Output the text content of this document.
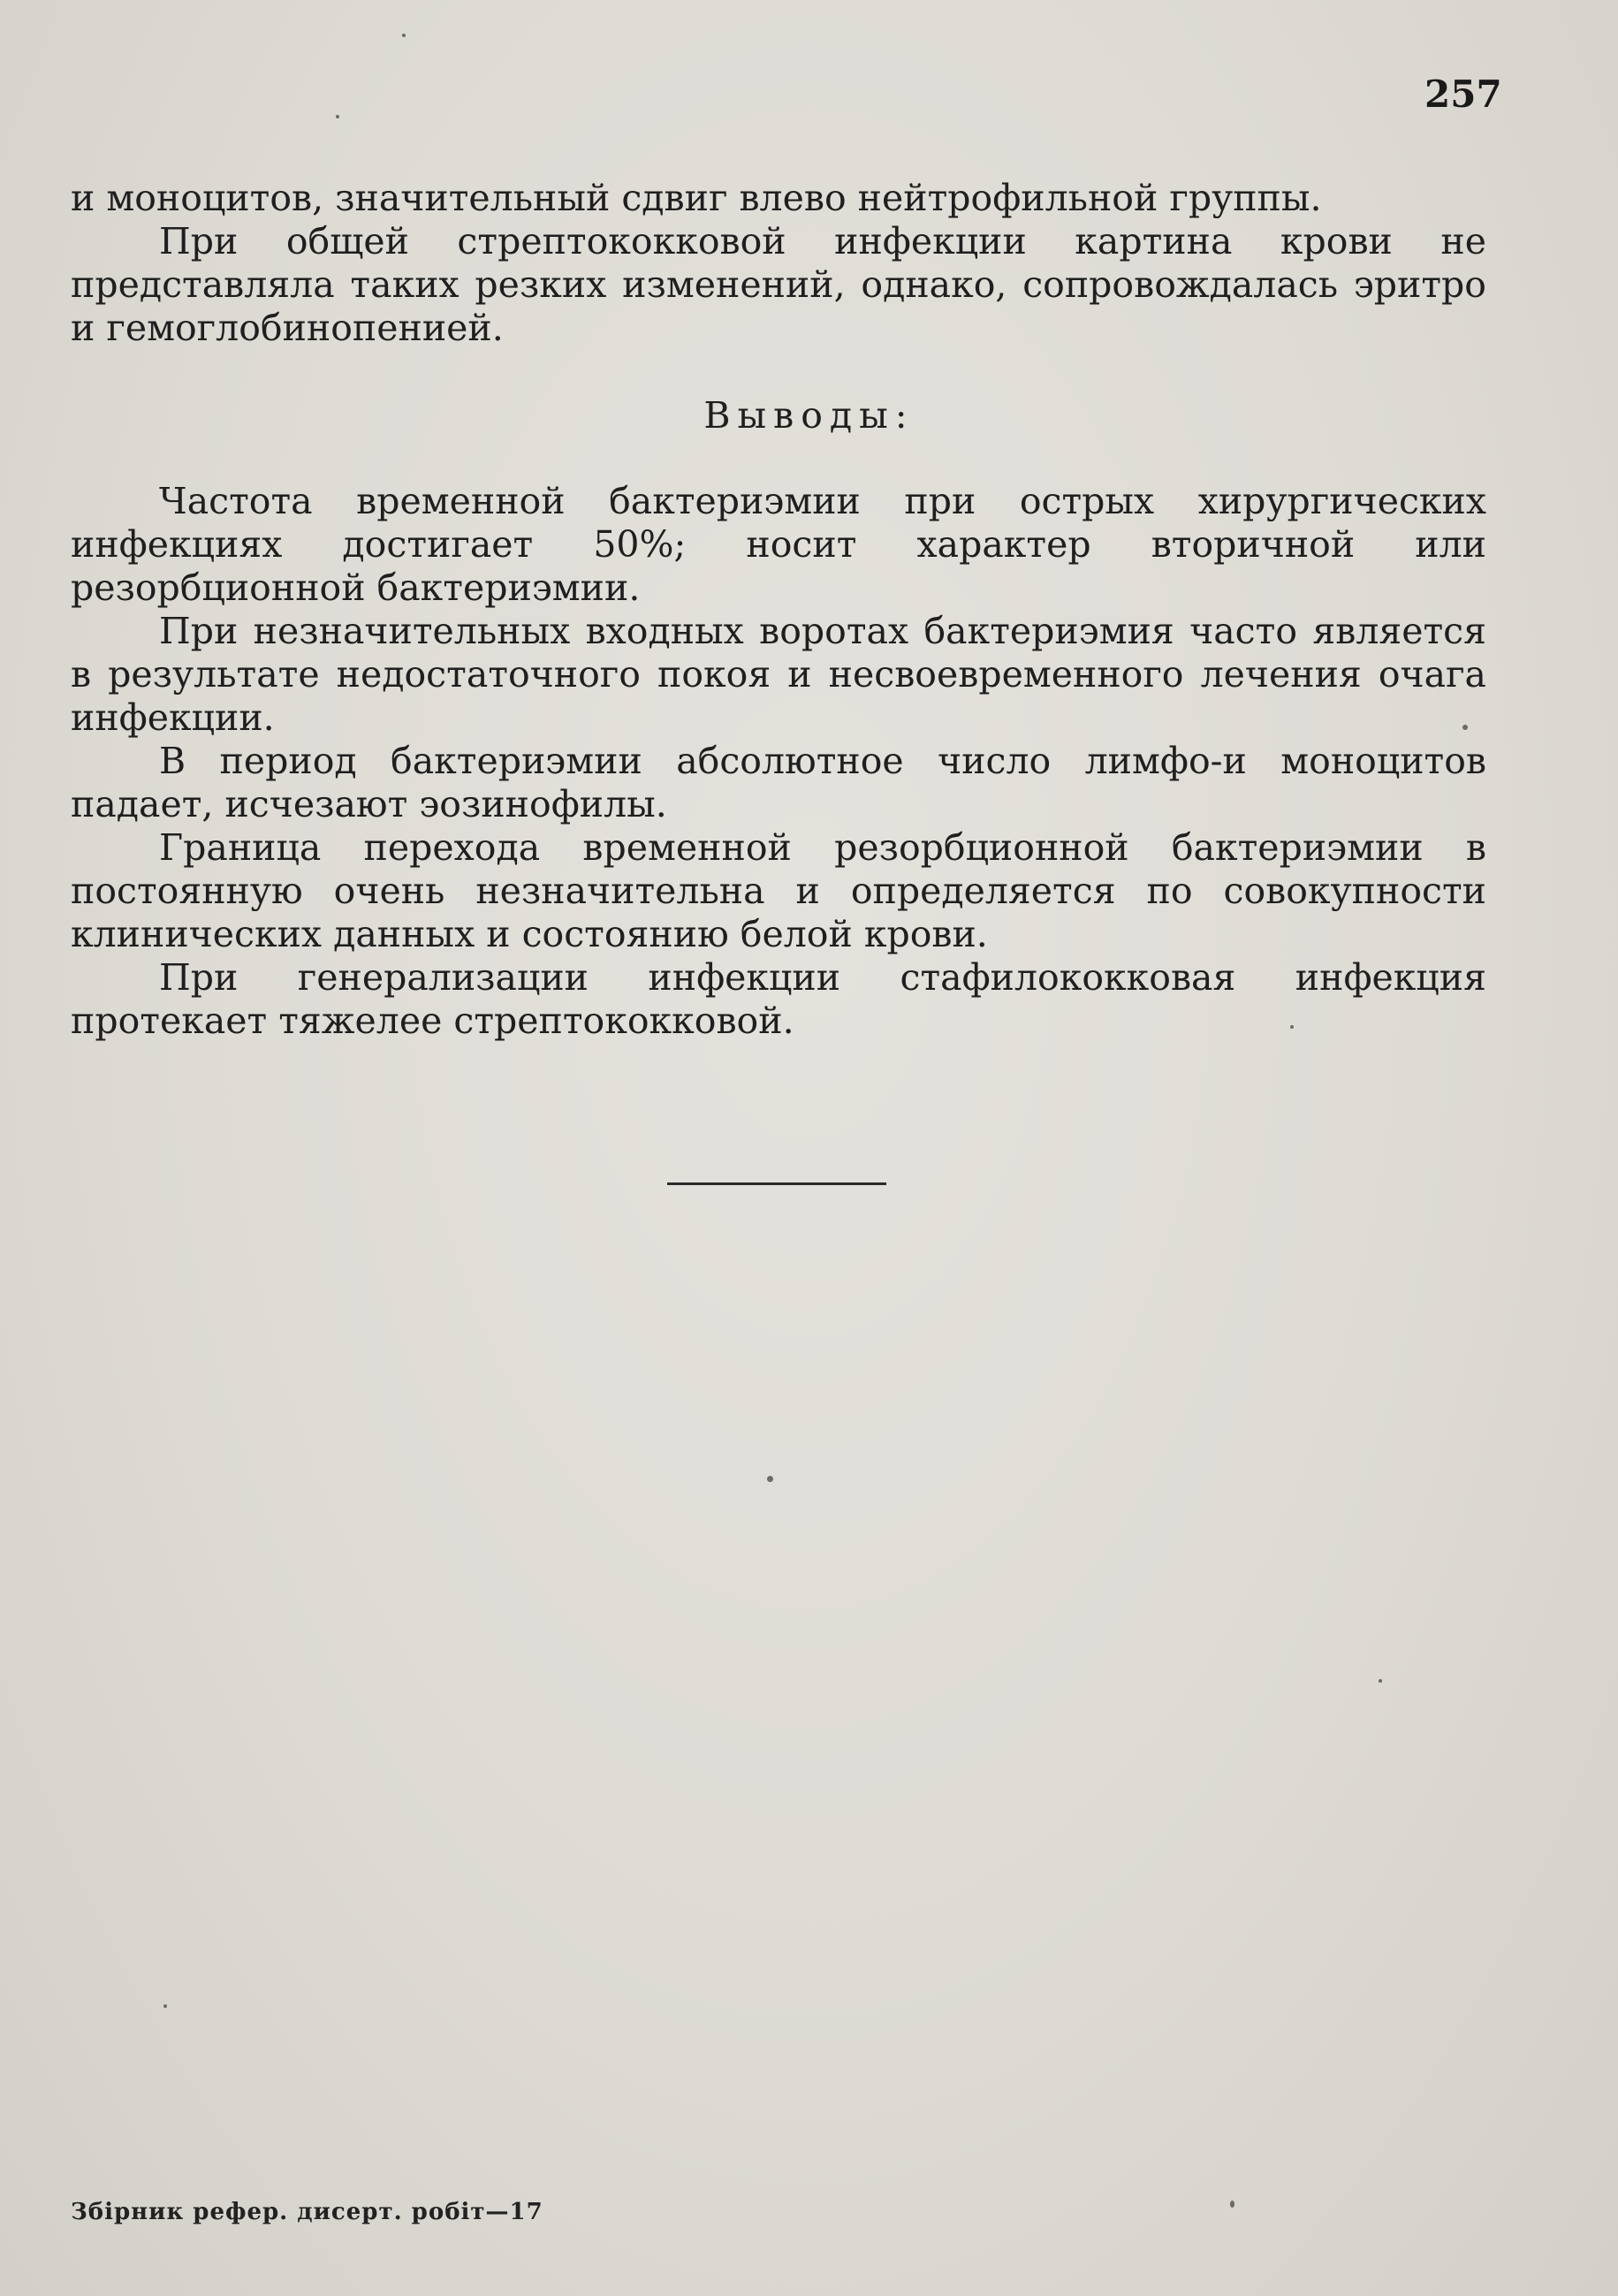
257

и моноцитов, значительный сдвиг влево нейтрофильной группы.

При общей стрептококковой инфекции картина крови не представляла таких резких изменений, однако, сопровождалась эритро и гемоглобинопенией.

Выводы:

Частота временной бактериэмии при острых хирургических инфекциях достигает 50%; носит характер вторичной или резорбционной бактериэмии.

При незначительных входных воротах бактериэмия часто является в результате недостаточного покоя и несвоевременного лечения очага инфекции.

В период бактериэмии абсолютное число лимфо-и моноцитов падает, исчезают эозинофилы.

Граница перехода временной резорбционной бактериэмии в постоянную очень незначительна и определяется по совокупности клинических данных и состоянию белой крови.

При генерализации инфекции стафилококковая инфекция протекает тяжелее стрептококковой.

Збірник рефер. дисерт. робіт—17
